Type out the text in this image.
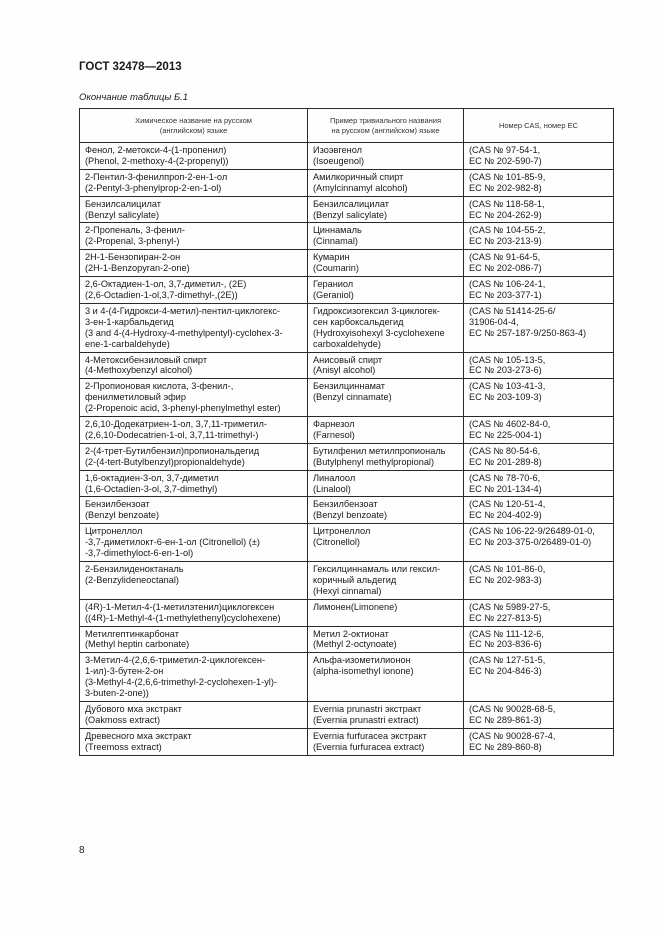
ГОСТ 32478—2013

Окончание таблицы Б.1

Химическое название на русском
(английском) языке	Пример тривиального названия
на русском (английском) языке	Номер CAS, номер ЕС

Фенол, 2-метокси-4-(1-пропенил)
(Phenol, 2-methoxy-4-(2-propenyl))	Изоэвгенол
(Isoeugenol)	(CAS № 97-54-1,
EC № 202-590-7)

2-Пентил-3-фенилпроп-2-ен-1-ол
(2-Pentyl-3-phenylprop-2-en-1-ol)	Амилкоричный спирт
(Amylcinnamyl alcohol)	(CAS № 101-85-9,
EC № 202-982-8)

Бензилсалицилат
(Benzyl salicylate)	Бензилсалицилат
(Benzyl salicylate)	(CAS № 118-58-1,
EC № 204-262-9)

2-Пропеналь, 3-фенил-
(2-Propenal, 3-phenyl-)	Циннамаль
(Cinnamal)	(CAS № 104-55-2,
EC № 203-213-9)

2Н-1-Бензопиран-2-он
(2H-1-Benzopyran-2-one)	Кумарин
(Coumarin)	(CAS № 91-64-5,
EC № 202-086-7)

2,6-Октадиен-1-ол, 3,7-диметил-, (2E)
(2,6-Octadien-1-ol,3,7-dimethyl-,(2E))	Гераниол
(Geraniol)	(CAS № 106-24-1,
EC № 203-377-1)

3 и 4-(4-Гидрокси-4-метил)-пентил-циклогекс-
3-ен-1-карбальдегид
(3 and 4-(4-Hydroxy-4-methylpentyl)-cyclohex-3-
ene-1-carbaldehyde)	Гидроксизогексил 3-циклогек-
сен карбоксальдегид
(Hydroxyisohexyl 3-cyclohexene
carboxaldehyde)	(CAS № 51414-25-6/
31906-04-4,
EC № 257-187-9/250-863-4)

4-Метоксибензиловый спирт
(4-Methoxybenzyl alcohol)	Анисовый спирт
(Anisyl alcohol)	(CAS № 105-13-5,
EC № 203-273-6)

2-Пропионовая кислота, 3-фенил-,
фенилметиловый эфир
(2-Propenoic acid, 3-phenyl-phenylmethyl ester)	Бензилциннамат
(Benzyl cinnamate)	(CAS № 103-41-3,
EC № 203-109-3)

2,6,10-Додекатриен-1-ол, 3,7,11-триметил-
(2,6,10-Dodecatrien-1-ol, 3,7,11-trimethyl-)	Фарнезол
(Farnesol)	(CAS № 4602-84-0,
EC № 225-004-1)

2-(4-трет-Бутилбензил)пропиональдегид
(2-(4-tert-Butylbenzyl)propionaldehyde)	Бутилфенил метилпропиональ
(Butylphenyl methylpropional)	(CAS № 80-54-6,
EC № 201-289-8)

1,6-октадиен-3-ол, 3,7-диметил
(1,6-Octadien-3-ol, 3,7-dimethyl)	Линалоол
(Linalool)	(CAS № 78-70-6,
EC № 201-134-4)

Бензилбензоат
(Benzyl benzoate)	Бензилбензоат
(Benzyl benzoate)	(CAS № 120-51-4,
EC № 204-402-9)

Цитронеллол
-3,7-диметилокт-6-ен-1-ол (Citronellol) (±)
-3,7-dimethyloct-6-en-1-ol)	Цитронеллол
(Citronellol)	(CAS № 106-22-9/26489-01-0,
EC № 203-375-0/26489-01-0)

2-Бензилиденоктаналь
(2-Benzylideneoctanal)	Гексилциннамаль или гексил-
коричный альдегид
(Hexyl cinnamal)	(CAS № 101-86-0,
EC № 202-983-3)

(4R)-1-Метил-4-(1-метилэтенил)циклогексен
((4R)-1-Methyl-4-(1-methylethenyl)cyclohexene)	Лимонен(Limonene)	(CAS № 5989-27-5,
EC № 227-813-5)

Метилгептинкарбонат
(Methyl heptin carbonate)	Метил 2-октионат
(Methyl 2-octynoate)	(CAS № 111-12-6,
EC № 203-836-6)

3-Метил-4-(2,6,6-триметил-2-циклогексен-
1-ил)-3-бутен-2-он
(3-Methyl-4-(2,6,6-trimethyl-2-cyclohexen-1-yl)-
3-buten-2-one))	Альфа-изометилионон
(alpha-isomethyl ionone)	(CAS № 127-51-5,
EC № 204-846-3)

Дубового мха экстракт
(Oakmoss extract)	Evernia prunastri экстракт
(Evernia prunastri extract)	(CAS № 90028-68-5,
EC № 289-861-3)

Древесного мха экстракт
(Treemoss extract)	Evernia furfuracea экстракт
(Evernia furfuracea extract)	(CAS № 90028-67-4,
EC № 289-860-8)

8
